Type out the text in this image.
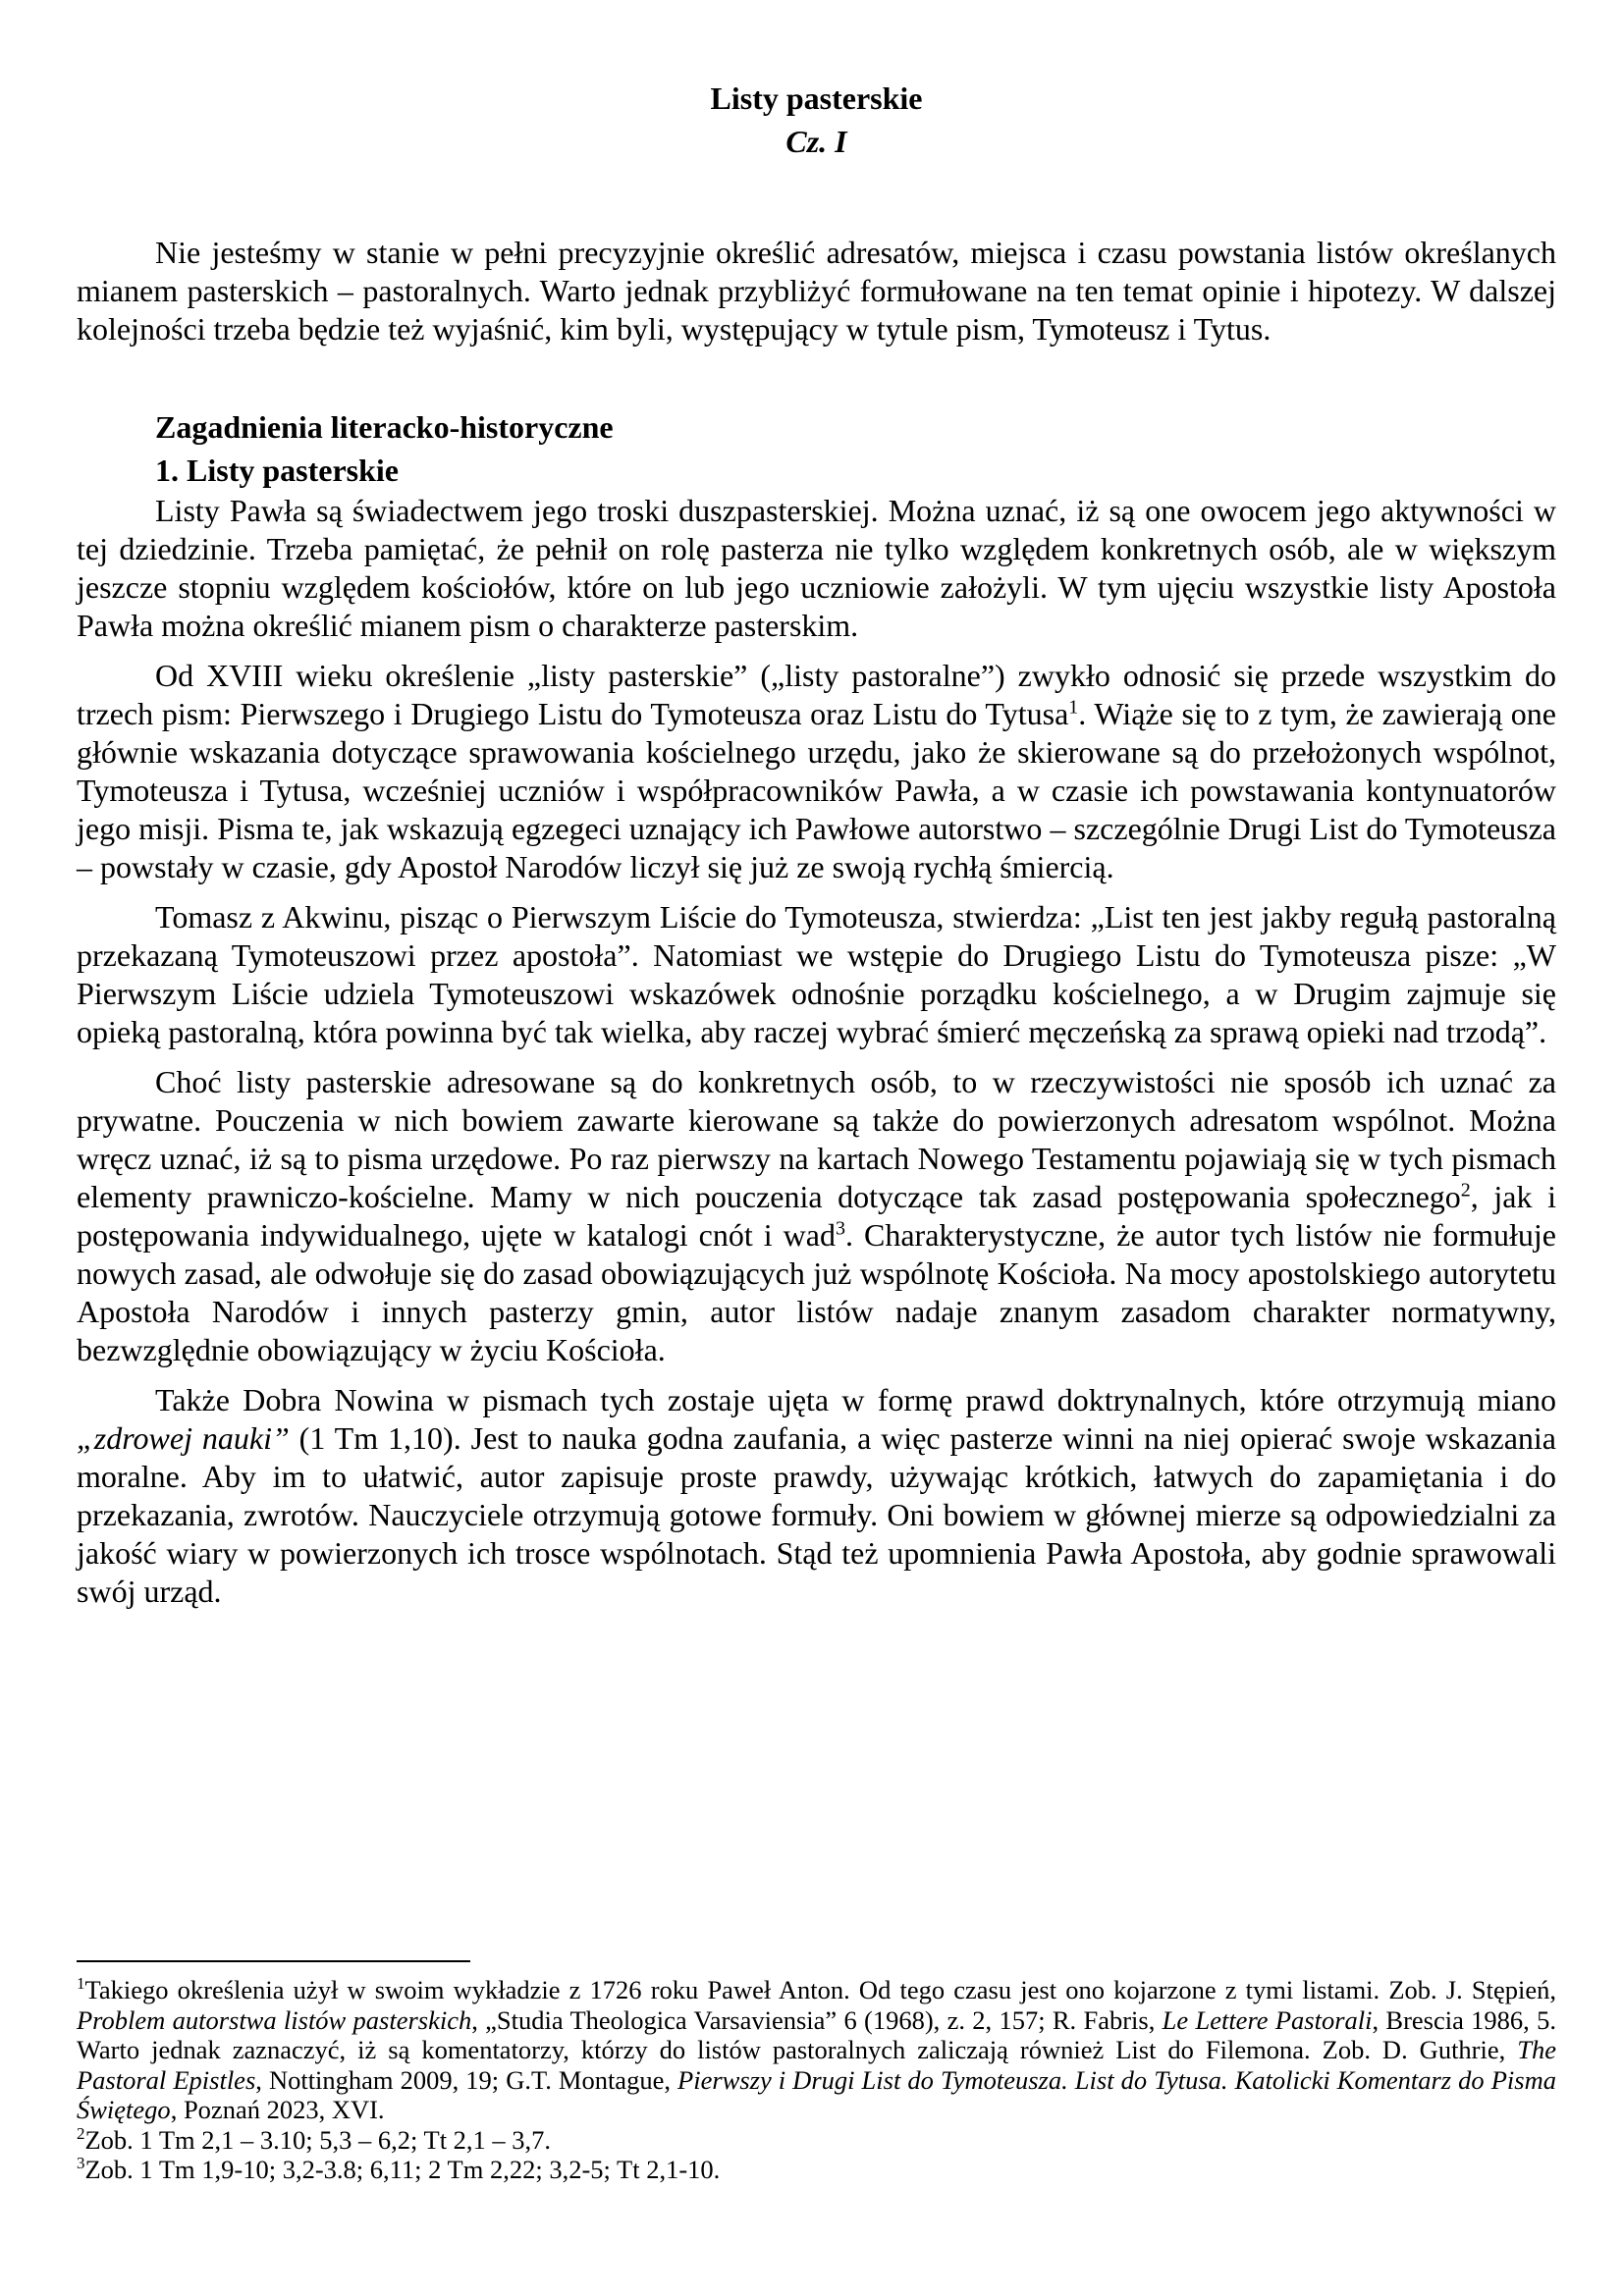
Listy pasterskie
Cz. I

Nie jesteśmy w stanie w pełni precyzyjnie określić adresatów, miejsca i czasu powstania listów określanych mianem pasterskich – pastoralnych. Warto jednak przybliżyć formułowane na ten temat opinie i hipotezy. W dalszej kolejności trzeba będzie też wyjaśnić, kim byli, występujący w tytule pism, Tymoteusz i Tytus.

Zagadnienia literacko-historyczne
1. Listy pasterskie

Listy Pawła są świadectwem jego troski duszpasterskiej. Można uznać, iż są one owocem jego aktywności w tej dziedzinie. Trzeba pamiętać, że pełnił on rolę pasterza nie tylko względem konkretnych osób, ale w większym jeszcze stopniu względem kościołów, które on lub jego uczniowie założyli. W tym ujęciu wszystkie listy Apostoła Pawła można określić mianem pism o charakterze pasterskim.

Od XVIII wieku określenie „listy pasterskie” („listy pastoralne”) zwykło odnosić się przede wszystkim do trzech pism: Pierwszego i Drugiego Listu do Tymoteusza oraz Listu do Tytusa$^1$. Wiąże się to z tym, że zawierają one głównie wskazania dotyczące sprawowania kościelnego urzędu, jako że skierowane są do przełożonych wspólnot, Tymoteusza i Tytusa, wcześniej uczniów i współpracowników Pawła, a w czasie ich powstawania kontynuatorów jego misji. Pisma te, jak wskazują egzegeci uznający ich Pawłowe autorstwo – szczególnie Drugi List do Tymoteusza – powstały w czasie, gdy Apostoł Narodów liczył się już ze swoją rychłą śmiercią.

Tomasz z Akwinu, pisząc o Pierwszym Liście do Tymoteusza, stwierdza: „List ten jest jakby regułą pastoralną przekazaną Tymoteuszowi przez apostoła”. Natomiast we wstępie do Drugiego Listu do Tymoteusza pisze: „W Pierwszym Liście udziela Tymoteuszowi wskazówek odnośnie porządku kościelnego, a w Drugim zajmuje się opieką pastoralną, która powinna być tak wielka, aby raczej wybrać śmierć męczeńską za sprawą opieki nad trzodą”.

Choć listy pasterskie adresowane są do konkretnych osób, to w rzeczywistości nie sposób ich uznać za prywatne. Pouczenia w nich bowiem zawarte kierowane są także do powierzonych adresatom wspólnot. Można wręcz uznać, iż są to pisma urzędowe. Po raz pierwszy na kartach Nowego Testamentu pojawiają się w tych pismach elementy prawniczo-kościelne. Mamy w nich pouczenia dotyczące tak zasad postępowania społecznego$^2$, jak i postępowania indywidualnego, ujęte w katalogi cnót i wad$^3$. Charakterystyczne, że autor tych listów nie formułuje nowych zasad, ale odwołuje się do zasad obowiązujących już wspólnotę Kościoła. Na mocy apostolskiego autorytetu Apostoła Narodów i innych pasterzy gmin, autor listów nadaje znanym zasadom charakter normatywny, bezwzględnie obowiązujący w życiu Kościoła.

Także Dobra Nowina w pismach tych zostaje ujęta w formę prawd doktrynalnych, które otrzymują miano „zdrowej nauki” (1 Tm 1,10). Jest to nauka godna zaufania, a więc pasterze winni na niej opierać swoje wskazania moralne. Aby im to ułatwić, autor zapisuje proste prawdy, używając krótkich, łatwych do zapamiętania i do przekazania, zwrotów. Nauczyciele otrzymują gotowe formuły. Oni bowiem w głównej mierze są odpowiedzialni za jakość wiary w powierzonych ich trosce wspólnotach. Stąd też upomnienia Pawła Apostoła, aby godnie sprawowali swój urząd.

$^1$Takiego określenia użył w swoim wykładzie z 1726 roku Paweł Anton. Od tego czasu jest ono kojarzone z tymi listami. Zob. J. Stępień, Problem autorstwa listów pasterskich, „Studia Theologica Varsaviensia” 6 (1968), z. 2, 157; R. Fabris, Le Lettere Pastorali, Brescia 1986, 5. Warto jednak zaznaczyć, iż są komentatorzy, którzy do listów pastoralnych zaliczają również List do Filemona. Zob. D. Guthrie, The Pastoral Epistles, Nottingham 2009, 19; G.T. Montague, Pierwszy i Drugi List do Tymoteusza. List do Tytusa. Katolicki Komentarz do Pisma Świętego, Poznań 2023, XVI.

$^2$Zob. 1 Tm 2,1 – 3.10; 5,3 – 6,2; Tt 2,1 – 3,7.

$^3$Zob. 1 Tm 1,9-10; 3,2-3.8; 6,11; 2 Tm 2,22; 3,2-5; Tt 2,1-10.
